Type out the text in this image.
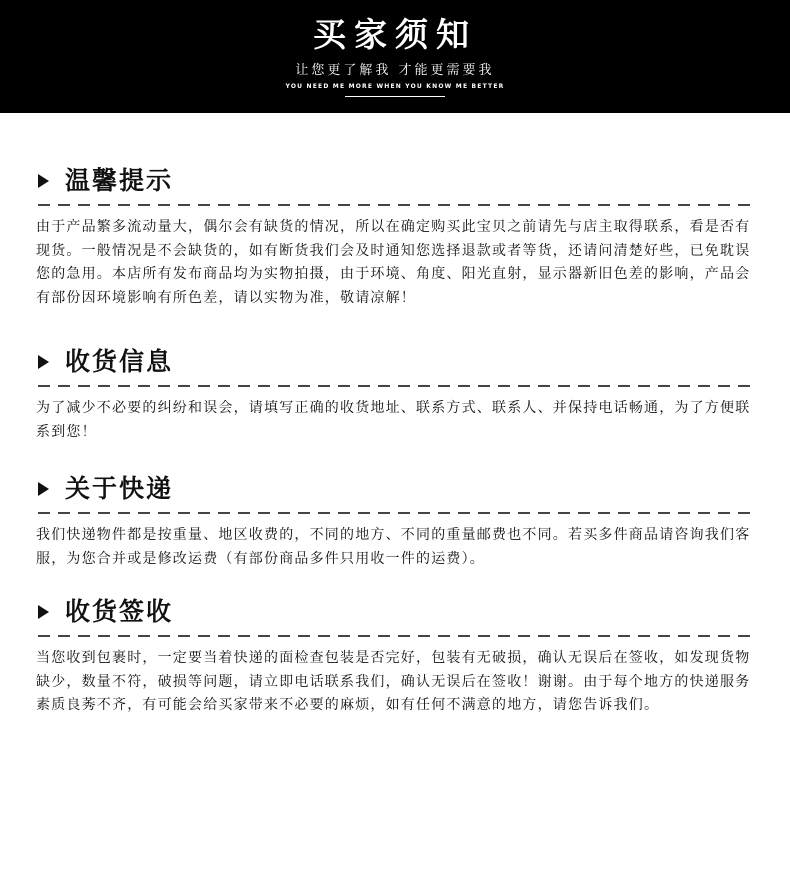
买家须知
让您更了解我 才能更需要我
YOU NEED ME MORE WHEN YOU KNOW ME BETTER
温馨提示

由于产品繁多流动量大，偶尔会有缺货的情况，所以在确定购买此宝贝之前请先与店主取得联系，看是否有现货。一般情况是不会缺货的，如有断货我们会及时通知您选择退款或者等货，还请问清楚好些，已免耽误您的急用。本店所有发布商品均为实物拍摄，由于环境、角度、阳光直射，显示器新旧色差的影响，产品会有部份因环境影响有所色差，请以实物为准，敬请凉解！

收货信息

为了减少不必要的纠纷和误会，请填写正确的收货地址、联系方式、联系人、并保持电话畅通，为了方便联系到您！

关于快递

我们快递物件都是按重量、地区收费的，不同的地方、不同的重量邮费也不同。若买多件商品请咨询我们客服，为您合并或是修改运费（有部份商品多件只用收一件的运费）。

收货签收

当您收到包裹时，一定要当着快递的面检查包装是否完好，包装有无破损，确认无误后在签收，如发现货物缺少，数量不符，破损等问题，请立即电话联系我们，确认无误后在签收！谢谢。由于每个地方的快递服务素质良莠不齐，有可能会给买家带来不必要的麻烦，如有任何不满意的地方，请您告诉我们。
